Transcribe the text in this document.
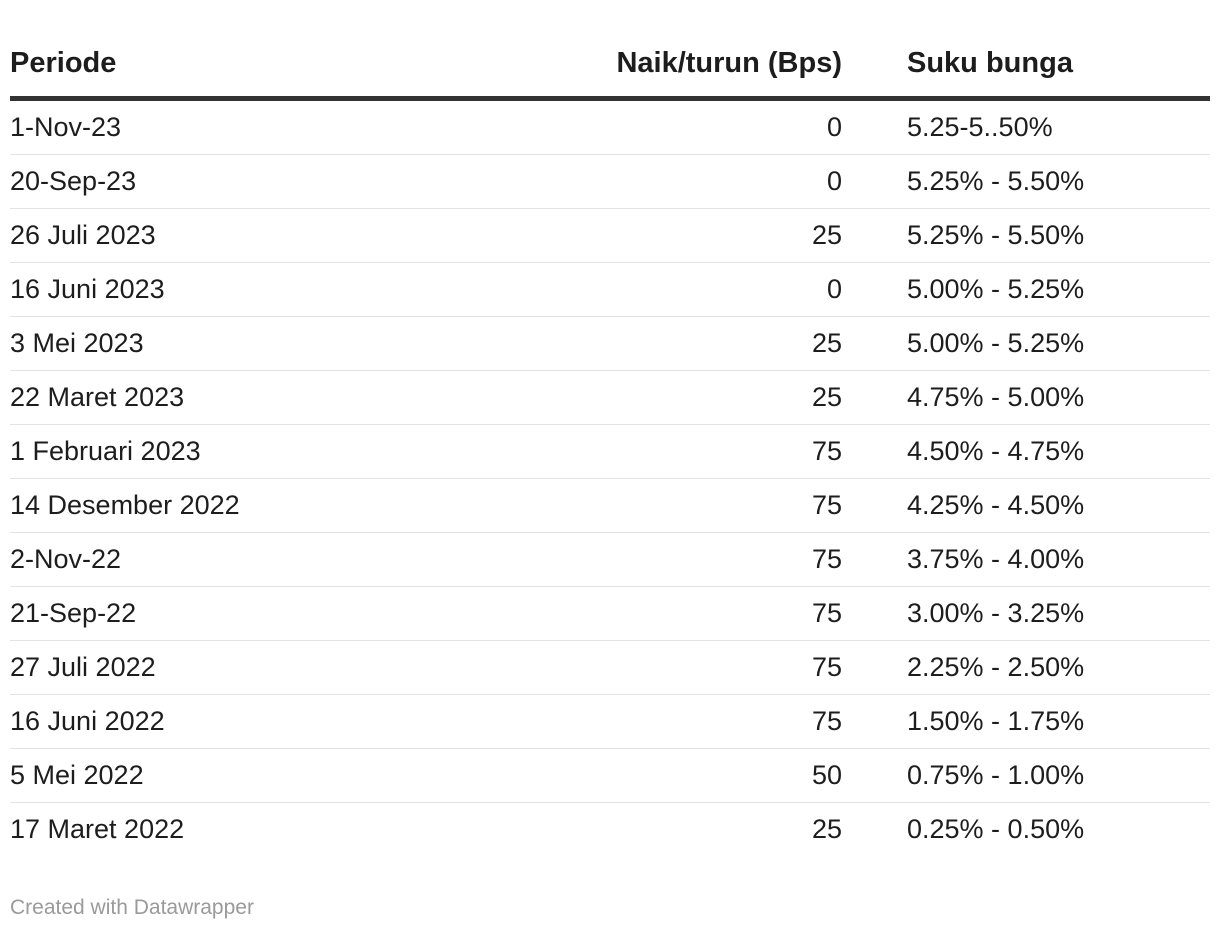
Periode	Naik/turun (Bps)	Suku bunga
1-Nov-23	0	5.25-5..50%
20-Sep-23	0	5.25% - 5.50%
26 Juli 2023	25	5.25% - 5.50%
16 Juni 2023	0	5.00% - 5.25%
3 Mei 2023	25	5.00% - 5.25%
22 Maret 2023	25	4.75% - 5.00%
1 Februari 2023	75	4.50% - 4.75%
14 Desember 2022	75	4.25% - 4.50%
2-Nov-22	75	3.75% - 4.00%
21-Sep-22	75	3.00% - 3.25%
27 Juli 2022	75	2.25% - 2.50%
16 Juni 2022	75	1.50% - 1.75%
5 Mei 2022	50	0.75% - 1.00%
17 Maret 2022	25	0.25% - 0.50%
Created with Datawrapper
